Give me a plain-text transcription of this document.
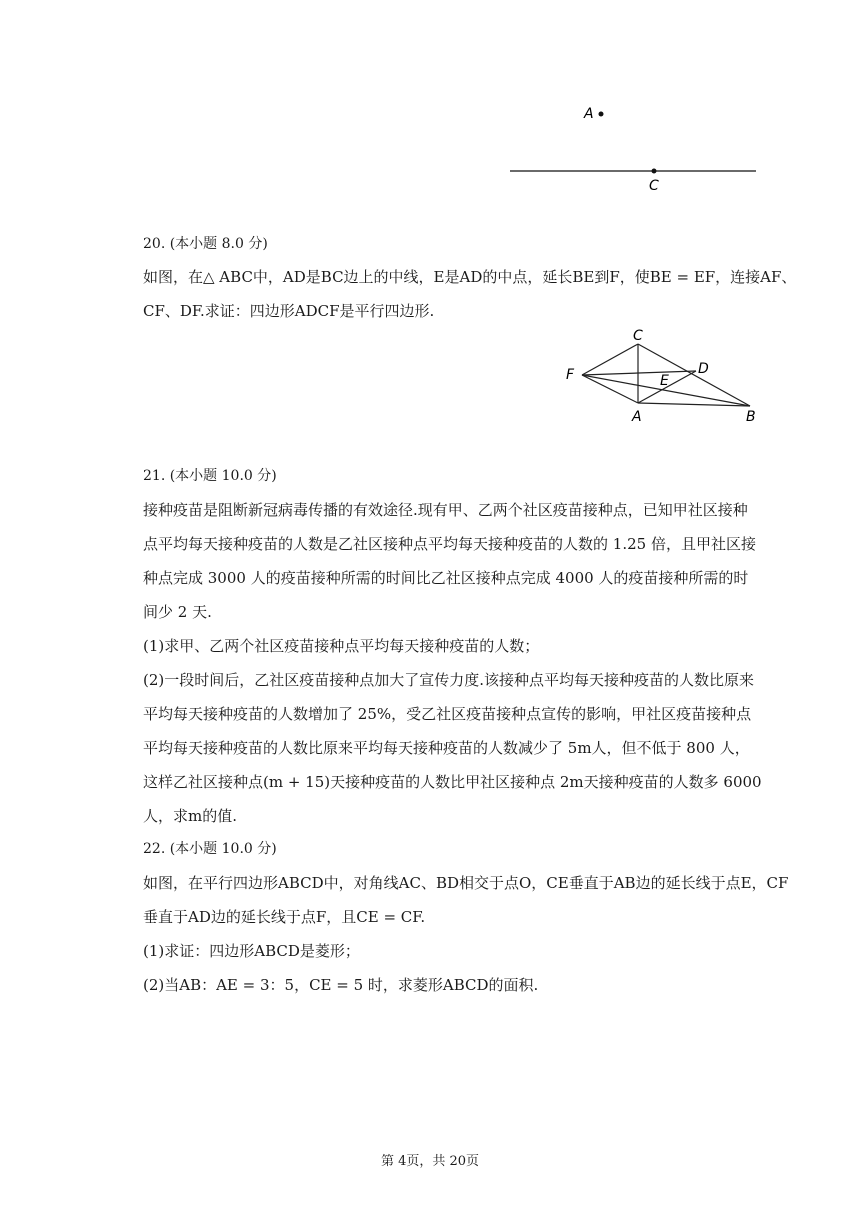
A
C
20. (本小题 8.0 分)
如图，在△ ABC中，AD是BC边上的中线，E是AD的中点，延长BE到F，使BE = EF，连接AF、
CF、DF.求证：四边形ADCF是平行四边形.
C
F	E
D
A	B
21. (本小题 10.0 分)
接种疫苗是阻断新冠病毒传播的有效途径.现有甲、乙两个社区疫苗接种点，已知甲社区接种
点平均每天接种疫苗的人数是乙社区接种点平均每天接种疫苗的人数的 1.25 倍，且甲社区接
种点完成 3000 人的疫苗接种所需的时间比乙社区接种点完成 4000 人的疫苗接种所需的时
间少 2 天.
(1)求甲、乙两个社区疫苗接种点平均每天接种疫苗的人数；
(2)一段时间后，乙社区疫苗接种点加大了宣传力度.该接种点平均每天接种疫苗的人数比原来
平均每天接种疫苗的人数增加了 25%，受乙社区疫苗接种点宣传的影响，甲社区疫苗接种点
平均每天接种疫苗的人数比原来平均每天接种疫苗的人数减少了 5m人，但不低于 800 人，
这样乙社区接种点(m + 15)天接种疫苗的人数比甲社区接种点 2m天接种疫苗的人数多 6000
人，求m的值.
22. (本小题 10.0 分)
如图，在平行四边形ABCD中，对角线AC、BD相交于点O，CE垂直于AB边的延长线于点E，CF
垂直于AD边的延长线于点F，且CE = CF.
(1)求证：四边形ABCD是菱形；
(2)当AB：AE = 3：5，CE = 5 时，求菱形ABCD的面积.
第 4页，共 20页
